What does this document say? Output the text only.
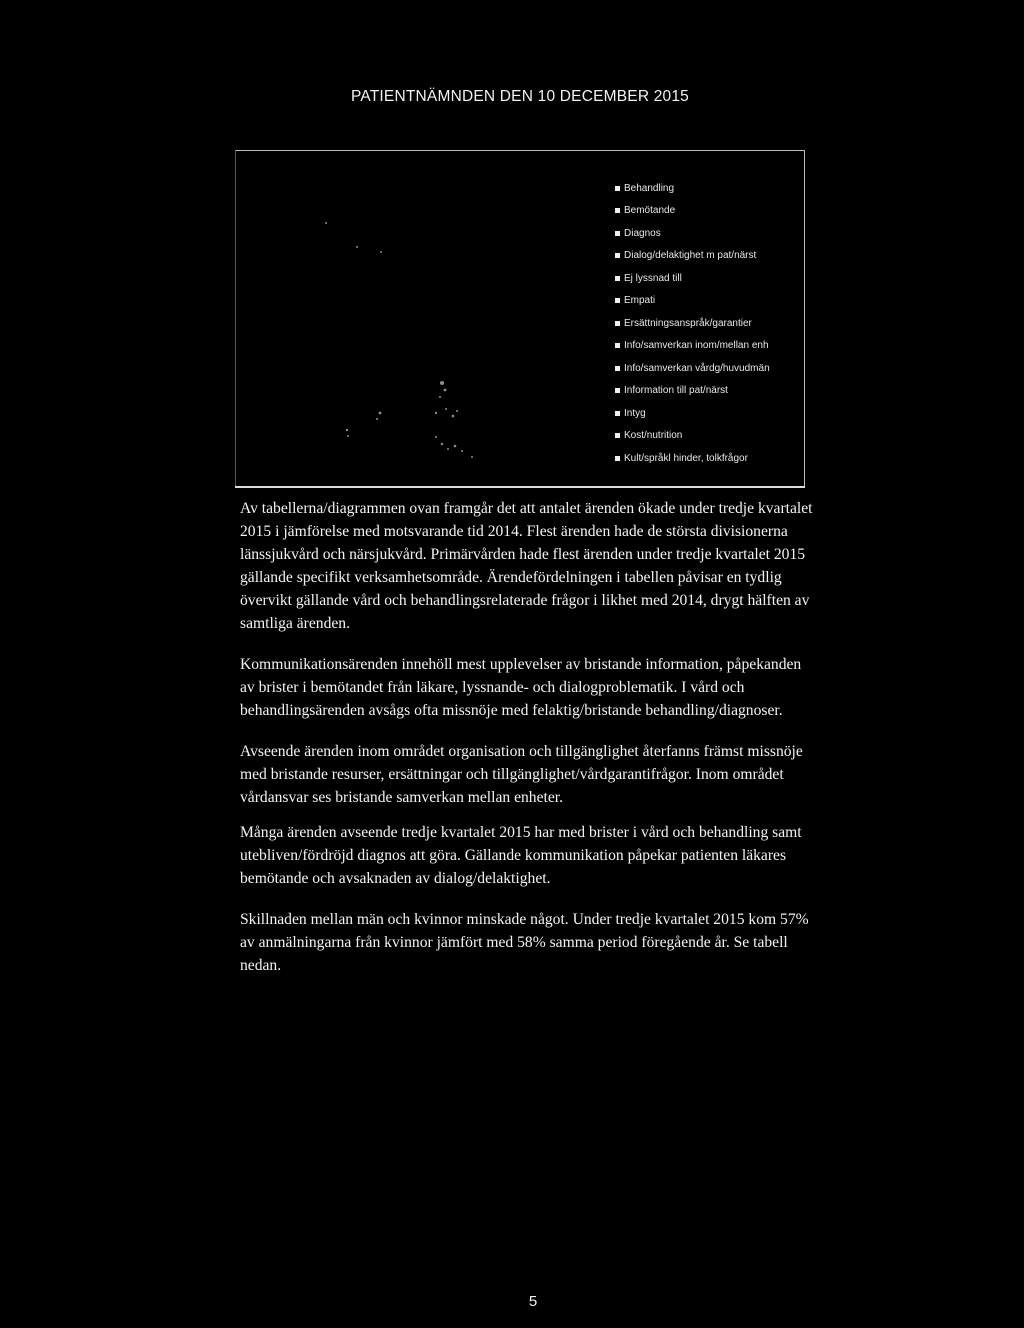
PATIENTNÄMNDEN DEN 10 DECEMBER 2015
Behandling
Bemötande
Diagnos
Dialog/delaktighet m pat/närst
Ej lyssnad till
Empati
Ersättningsanspråk/garantier
Info/samverkan inom/mellan enh
Info/samverkan vårdg/huvudmän
Information till pat/närst
Intyg
Kost/nutrition
Kult/språkl hinder, tolkfrågor

Av tabellerna/diagrammen ovan framgår det att antalet ärenden ökade under tredje kvartalet 2015 i jämförelse med motsvarande tid 2014. Flest ärenden hade de största divisionerna länssjukvård och närsjukvård. Primärvården hade flest ärenden under tredje kvartalet 2015 gällande specifikt verksamhetsområde. Ärendefördelningen i tabellen påvisar en tydlig övervikt gällande vård och behandlingsrelaterade frågor i likhet med 2014, drygt hälften av samtliga ärenden.

Kommunikationsärenden innehöll mest upplevelser av bristande information, påpekanden av brister i bemötandet från läkare, lyssnande- och dialogproblematik. I vård och behandlingsärenden avsågs ofta missnöje med felaktig/bristande behandling/diagnoser.

Avseende ärenden inom området organisation och tillgänglighet återfanns främst missnöje med bristande resurser, ersättningar och tillgänglighet/vårdgarantifrågor. Inom området vårdansvar ses bristande samverkan mellan enheter.

Många ärenden avseende tredje kvartalet 2015 har med brister i vård och behandling samt utebliven/fördröjd diagnos att göra. Gällande kommunikation påpekar patienten läkares bemötande och avsaknaden av dialog/delaktighet.

Skillnaden mellan män och kvinnor minskade något. Under tredje kvartalet 2015 kom 57% av anmälningarna från kvinnor jämfört med 58% samma period föregående år. Se tabell nedan.

5
